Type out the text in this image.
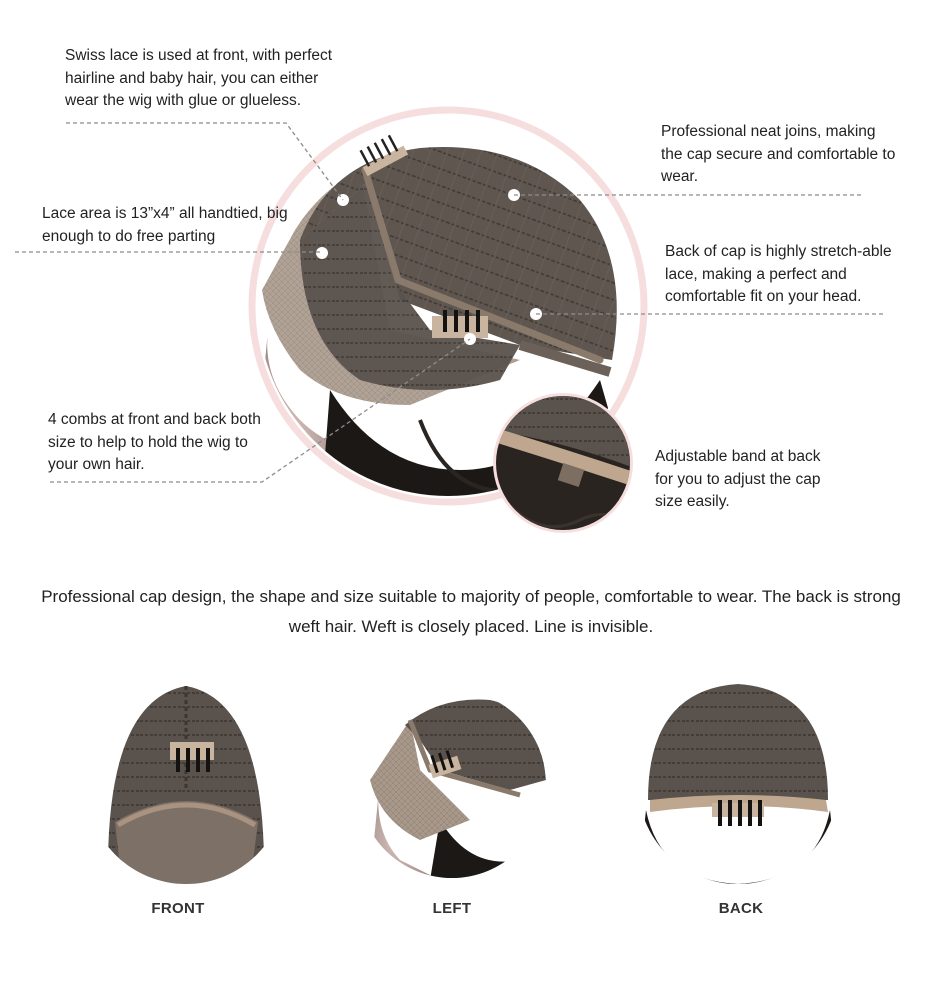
Swiss lace is used at front, with perfect hairline and baby hair, you can either wear the wig with glue or glueless.
Lace area is 13”x4” all handtied, big enough to do free parting
4 combs at front and back both size to help to hold the wig to your own hair.
Professional neat joins, making the cap secure and comfortable to wear.
Back of cap is highly stretch-able lace, making a perfect and comfortable fit on your head.
Adjustable band at back for you to adjust the cap size easily.
Professional cap design, the shape and size suitable to majority of people, comfortable to wear. The back is strong weft hair. Weft is closely placed. Line is invisible.
FRONT	LEFT	BACK
